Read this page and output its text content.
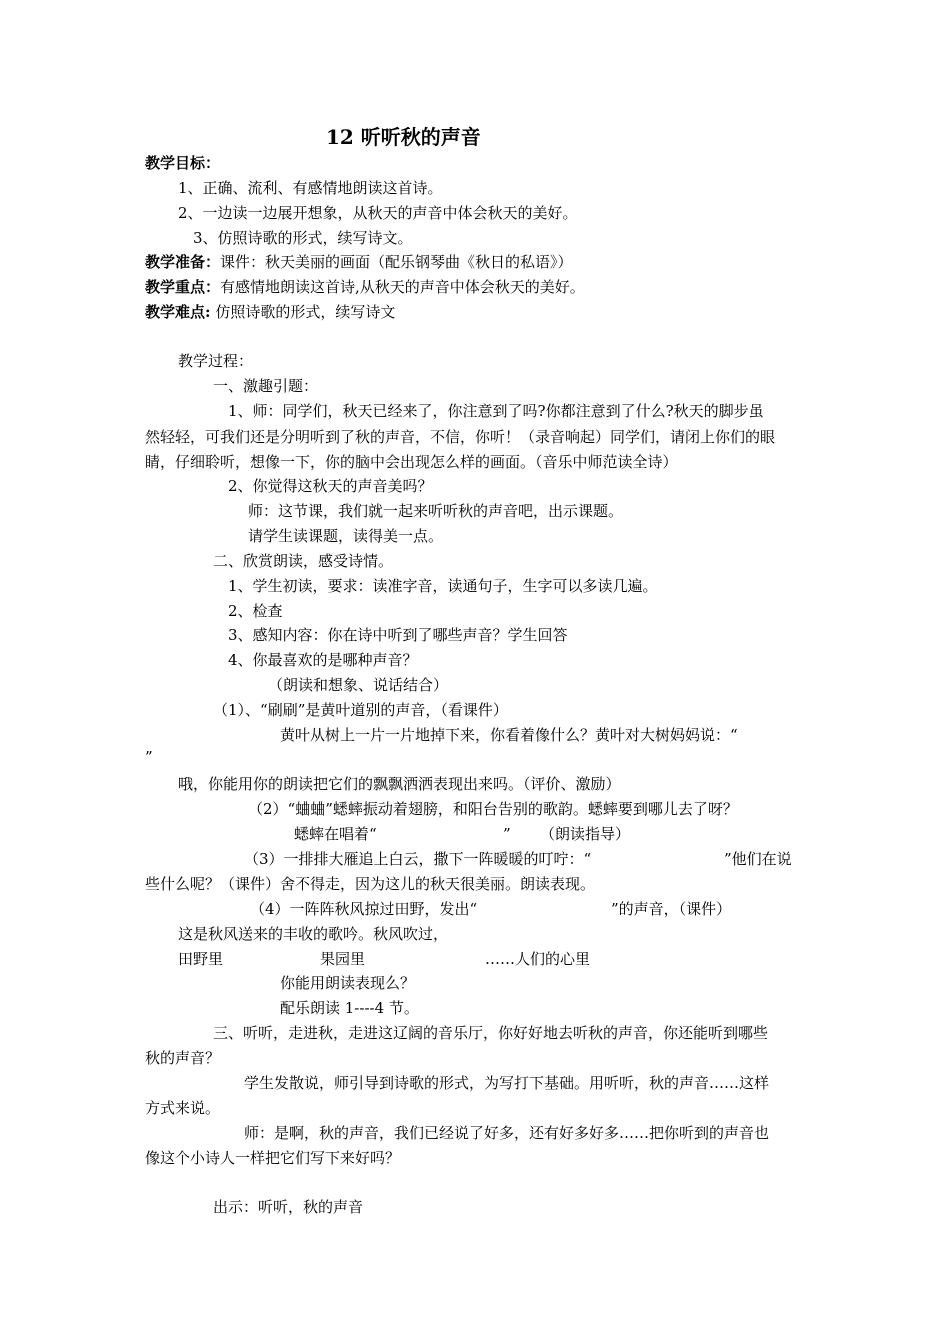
12 听听秋的声音
教学目标：
1、正确、流利、有感情地朗读这首诗。
2、一边读一边展开想象，从秋天的声音中体会秋天的美好。
3、仿照诗歌的形式，续写诗文。
教学准备：课件：秋天美丽的画面（配乐钢琴曲《秋日的私语》）
教学重点：有感情地朗读这首诗,从秋天的声音中体会秋天的美好。
教学难点: 仿照诗歌的形式，续写诗文
教学过程：
一、激趣引题：
1、师：同学们，秋天已经来了，你注意到了吗?你都注意到了什么?秋天的脚步虽
然轻轻，可我们还是分明听到了秋的声音，不信，你听！（录音响起）同学们，请闭上你们的眼
睛，仔细聆听，想像一下，你的脑中会出现怎么样的画面。（音乐中师范读全诗）
2、你觉得这秋天的声音美吗？
师：这节课，我们就一起来听听秋的声音吧，出示课题。
请学生读课题，读得美一点。
二、欣赏朗读，感受诗情。
1、学生初读，要求：读准字音，读通句子，生字可以多读几遍。
2、检查
3、感知内容：你在诗中听到了哪些声音？学生回答
4、你最喜欢的是哪种声音？
（朗读和想象、说话结合）
（1）、“刷刷”是黄叶道别的声音，（看课件）
黄叶从树上一片一片地掉下来，你看着像什么？黄叶对大树妈妈说：“
”
哦，你能用你的朗读把它们的飘飘洒洒表现出来吗。（评价、激励）
（2）“蛐蛐”蟋蟀振动着翅膀，和阳台告别的歌韵。蟋蟀要到哪儿去了呀？
蟋蟀在唱着“	” （朗读指导）
（3）一排排大雁追上白云，撒下一阵暖暖的叮咛：“	”他们在说
些什么呢？（课件）舍不得走，因为这儿的秋天很美丽。朗读表现。
（4）一阵阵秋风掠过田野，发出“	”的声音，（课件）
这是秋风送来的丰收的歌吟。秋风吹过，
田野里	果园里	……人们的心里
你能用朗读表现么？
配乐朗读 1----4 节。
三、听听，走进秋，走进这辽阔的音乐厅，你好好地去听秋的声音，你还能听到哪些
秋的声音？
学生发散说，师引导到诗歌的形式，为写打下基础。用听听，秋的声音……这样
方式来说。
师：是啊，秋的声音，我们已经说了好多，还有好多好多……把你听到的声音也
像这个小诗人一样把它们写下来好吗？
出示：听听，秋的声音
